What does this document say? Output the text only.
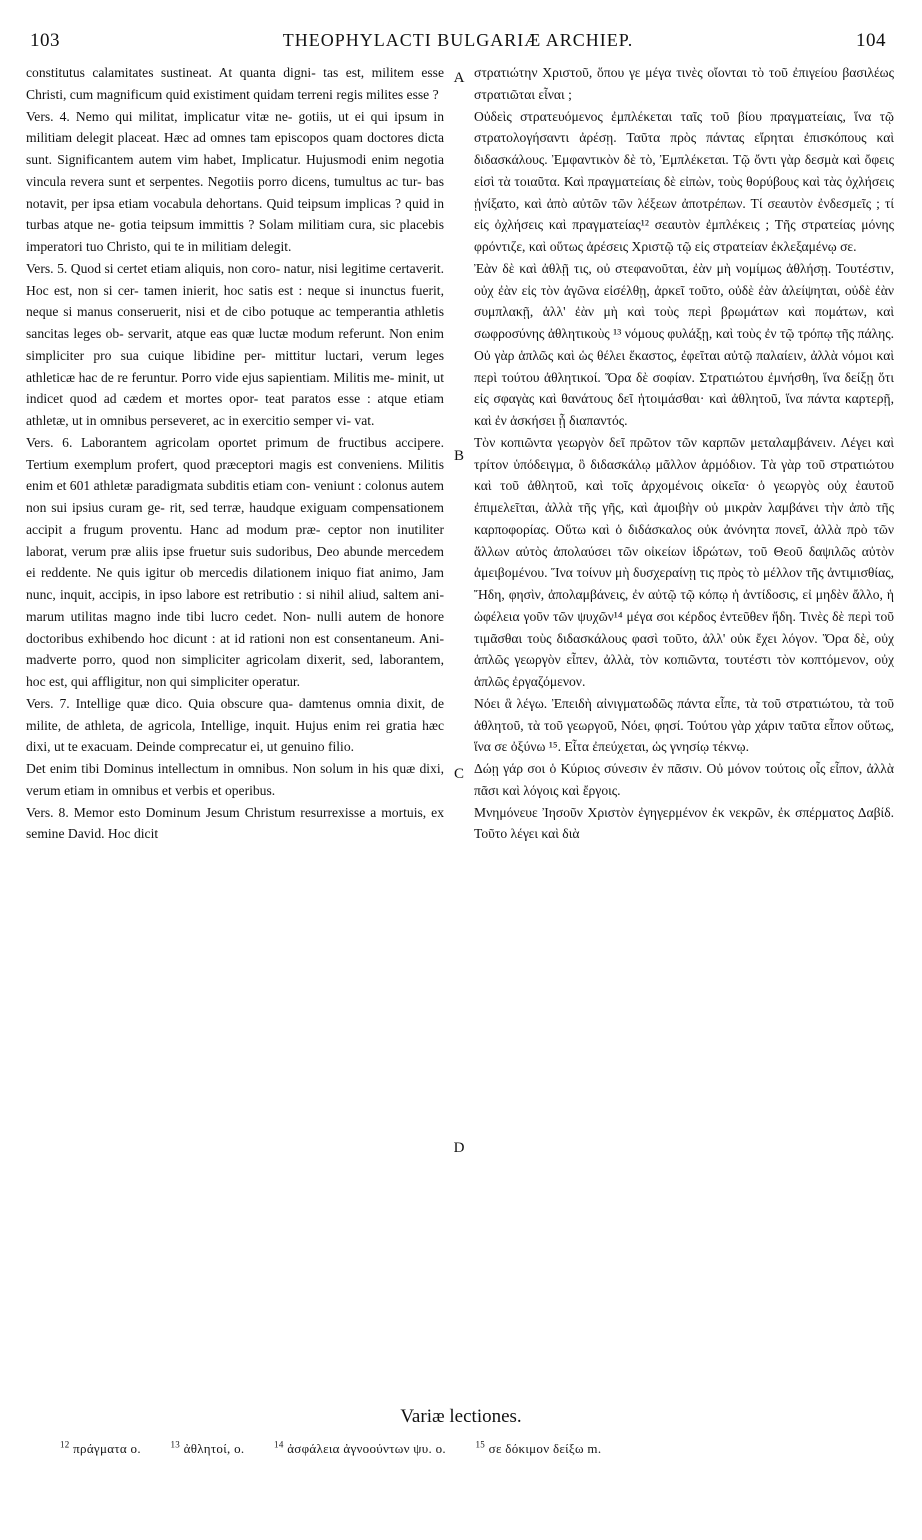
103	THEOPHYLACTI BULGARIÆ ARCHIEP.	104

constitutus calamitates sustineat. At quanta digni- tas est, militem esse Christi, cum magnificum quid existiment quidam terreni regis milites esse ?

Vers. 4. Nemo qui militat, implicatur vitæ ne- gotiis, ut ei qui ipsum in militiam delegit placeat. Hæc ad omnes tam episcopos quam doctores dicta sunt. Significantem autem vim habet, Implicatur. Hujusmodi enim negotia vincula revera sunt et serpentes. Negotiis porro dicens, tumultus ac tur- bas notavit, per ipsa etiam vocabula dehortans. Quid teipsum implicas ? quid in turbas atque ne- gotia teipsum immittis ? Solam militiam cura, sic placebis imperatori tuo Christo, qui te in militiam delegit.

Vers. 5. Quod si certet etiam aliquis, non coro- natur, nisi legitime certaverit. Hoc est, non si cer- tamen inierit, hoc satis est : neque si inunctus fuerit, neque si manus conseruerit, nisi et de cibo potuque ac temperantia athletis sancitas leges ob- servarit, atque eas quæ luctæ modum referunt. Non enim simpliciter pro sua cuique libidine per- mittitur luctari, verum leges athleticæ hac de re feruntur. Porro vide ejus sapientiam. Militis me- minit, ut indicet quod ad cædem et mortes opor- teat paratos esse : atque etiam athletæ, ut in omnibus perseveret, ac in exercitio semper vi- vat.

Vers. 6. Laborantem agricolam oportet primum de fructibus accipere. Tertium exemplum profert, quod præceptori magis est conveniens. Militis enim et 601 athletæ paradigmata subditis etiam con- veniunt : colonus autem non sui ipsius curam ge- rit, sed terræ, haudque exiguam compensationem accipit a frugum proventu. Hanc ad modum præ- ceptor non inutiliter laborat, verum præ aliis ipse fruetur suis sudoribus, Deo abunde mercedem ei reddente. Ne quis igitur ob mercedis dilationem iniquo fiat animo, Jam nunc, inquit, accipis, in ipso labore est retributio : si nihil aliud, saltem ani- marum utilitas magno inde tibi lucro cedet. Non- nulli autem de honore doctoribus exhibendo hoc dicunt : at id rationi non est consentaneum. Ani- madverte porro, quod non simpliciter agricolam dixerit, sed, laborantem, hoc est, qui affligitur, non qui simpliciter operatur.

Vers. 7. Intellige quæ dico. Quia obscure qua- damtenus omnia dixit, de milite, de athleta, de agricola, Intellige, inquit. Hujus enim rei gratia hæc dixi, ut te exacuam. Deinde comprecatur ei, ut genuino filio.

Det enim tibi Dominus intellectum in omnibus. Non solum in his quæ dixi, verum etiam in omnibus et verbis et operibus.

Vers. 8. Memor esto Dominum Jesum Christum resurrexisse a mortuis, ex semine David. Hoc dicit

A
B
C
D

στρατιώτην Χριστοῦ, ὅπου γε μέγα τινὲς οἴονται τὸ τοῦ ἐπιγείου βασιλέως στρατιῶται εἶναι ;

Οὐδεὶς στρατευόμενος ἐμπλέκεται ταῖς τοῦ βίου πραγματείαις, ἵνα τῷ στρατολογήσαντι ἀρέσῃ. Ταῦτα πρὸς πάντας εἴρηται ἐπισκόπους καὶ διδασκάλους. Ἐμφαντικὸν δὲ τὸ, Ἐμπλέκεται. Τῷ ὄντι γὰρ δεσμὰ καὶ ὄφεις εἰσὶ τὰ τοιαῦτα. Καὶ πραγματείαις δὲ εἰπὼν, τοὺς θορύβους καὶ τὰς ὀχλήσεις ᾐνίξατο, καὶ ἀπὸ αὐτῶν τῶν λέξεων ἀποτρέπων. Τί σεαυτὸν ἐνδεσμεῖς ; τί εἰς ὀχλήσεις καὶ πραγματείας¹² σεαυτὸν ἐμπλέκεις ; Τῆς στρατείας μόνης φρόντιζε, καὶ οὕτως ἀρέσεις Χριστῷ τῷ εἰς στρατείαν ἐκλεξαμένῳ σε.

Ἐὰν δὲ καὶ ἀθλῇ τις, οὐ στεφανοῦται, ἐὰν μὴ νομίμως ἀθλήσῃ. Τουτέστιν, οὐχ ἐὰν εἰς τὸν ἀγῶνα εἰσέλθῃ, ἀρκεῖ τοῦτο, οὐδὲ ἐὰν ἀλείψηται, οὐδὲ ἐὰν συμπλακῇ, ἀλλ' ἐὰν μὴ καὶ τοὺς περὶ βρωμάτων καὶ πομάτων, καὶ σωφροσύνης ἀθλητικοὺς ¹³ νόμους φυλάξῃ, καὶ τοὺς ἐν τῷ τρόπῳ τῆς πάλης. Οὐ γὰρ ἁπλῶς καὶ ὡς θέλει ἕκαστος, ἐφεῖται αὐτῷ παλαίειν, ἀλλὰ νόμοι καὶ περὶ τούτου ἀθλητικοί. Ὅρα δὲ σοφίαν. Στρατιώτου ἐμνήσθη, ἵνα δείξῃ ὅτι εἰς σφαγὰς καὶ θανάτους δεῖ ἡτοιμάσθαι· καὶ ἀθλητοῦ, ἵνα πάντα καρτερῇ, καὶ ἐν ἀσκήσει ᾖ διαπαντός.

Τὸν κοπιῶντα γεωργὸν δεῖ πρῶτον τῶν καρπῶν μεταλαμβάνειν. Λέγει καὶ τρίτον ὑπόδειγμα, ὃ διδασκάλῳ μᾶλλον ἁρμόδιον. Τὰ γὰρ τοῦ στρατιώτου καὶ τοῦ ἀθλητοῦ, καὶ τοῖς ἀρχομένοις οἰκεῖα· ὁ γεωργὸς οὐχ ἑαυτοῦ ἐπιμελεῖται, ἀλλὰ τῆς γῆς, καὶ ἀμοιβὴν οὐ μικρὰν λαμβάνει τὴν ἀπὸ τῆς καρποφορίας. Οὕτω καὶ ὁ διδάσκαλος οὐκ ἀνόνητα πονεῖ, ἀλλὰ πρὸ τῶν ἄλλων αὐτὸς ἀπολαύσει τῶν οἰκείων ἱδρώτων, τοῦ Θεοῦ δαψιλῶς αὐτὸν ἀμειβομένου. Ἵνα τοίνυν μὴ δυσχεραίνῃ τις πρὸς τὸ μέλλον τῆς ἀντιμισθίας, Ἤδη, φησὶν, ἀπολαμβάνεις, ἐν αὐτῷ τῷ κόπῳ ἡ ἀντίδοσις, εἰ μηδὲν ἄλλο, ἡ ὠφέλεια γοῦν τῶν ψυχῶν¹⁴ μέγα σοι κέρδος ἐντεῦθεν ἤδη. Τινὲς δὲ περὶ τοῦ τιμᾶσθαι τοὺς διδασκάλους φασὶ τοῦτο, ἀλλ' οὐκ ἔχει λόγον. Ὅρα δὲ, οὐχ ἁπλῶς γεωργὸν εἶπεν, ἀλλὰ, τὸν κοπιῶντα, τουτέστι τὸν κοπτόμενον, οὐχ ἁπλῶς ἐργαζόμενον.

Νόει ἃ λέγω. Ἐπειδὴ αἰνιγματωδῶς πάντα εἶπε, τὰ τοῦ στρατιώτου, τὰ τοῦ ἀθλητοῦ, τὰ τοῦ γεωργοῦ, Νόει, φησί. Τούτου γὰρ χάριν ταῦτα εἶπον οὕτως, ἵνα σε ὀξύνω ¹⁵. Εἶτα ἐπεύχεται, ὡς γνησίῳ τέκνῳ.

Δώῃ γάρ σοι ὁ Κύριος σύνεσιν ἐν πᾶσιν. Οὐ μόνον τούτοις οἷς εἶπον, ἀλλὰ πᾶσι καὶ λόγοις καὶ ἔργοις.

Μνημόνευε Ἰησοῦν Χριστὸν ἐγηγερμένον ἐκ νεκρῶν, ἐκ σπέρματος Δαβίδ. Τοῦτο λέγει καὶ διὰ

Variæ lectiones.
$^{12}$ πράγματα ο.	$^{13}$ ἀθλητοί, ο.	$^{14}$ ἀσφάλεια ἀγνοούντων ψυ. ο.	$^{15}$ σε δόκιμον δείξω m.
